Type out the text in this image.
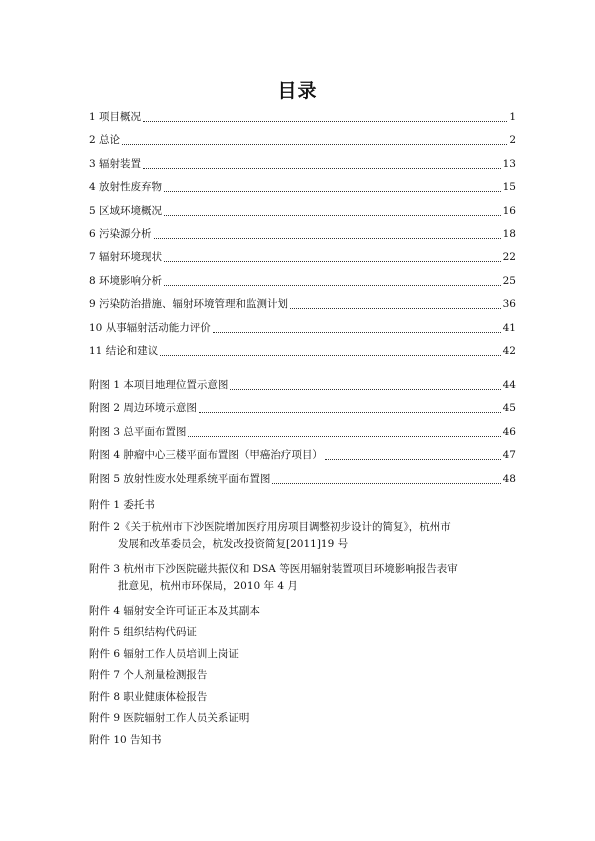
目录
1 项目概况	1
2 总论	2
3 辐射装置	13
4 放射性废弃物	15
5 区域环境概况	16
6 污染源分析	18
7 辐射环境现状	22
8 环境影响分析	25
9 污染防治措施、辐射环境管理和监测计划	36
10 从事辐射活动能力评价	41
11 结论和建议	42
附图 1 本项目地理位置示意图	44
附图 2 周边环境示意图	45
附图 3 总平面布置图	46
附图 4 肿瘤中心三楼平面布置图（甲癌治疗项目）	47
附图 5 放射性废水处理系统平面布置图	48
附件 1 委托书
附件 2《关于杭州市下沙医院增加医疗用房项目调整初步设计的简复》，杭州市
发展和改革委员会，杭发改投资简复[2011]19 号
附件 3 杭州市下沙医院磁共振仪和 DSA 等医用辐射装置项目环境影响报告表审
批意见，杭州市环保局，2010 年 4 月
附件 4 辐射安全许可证正本及其副本
附件 5 组织结构代码证
附件 6 辐射工作人员培训上岗证
附件 7 个人剂量检测报告
附件 8 职业健康体检报告
附件 9 医院辐射工作人员关系证明
附件 10 告知书
